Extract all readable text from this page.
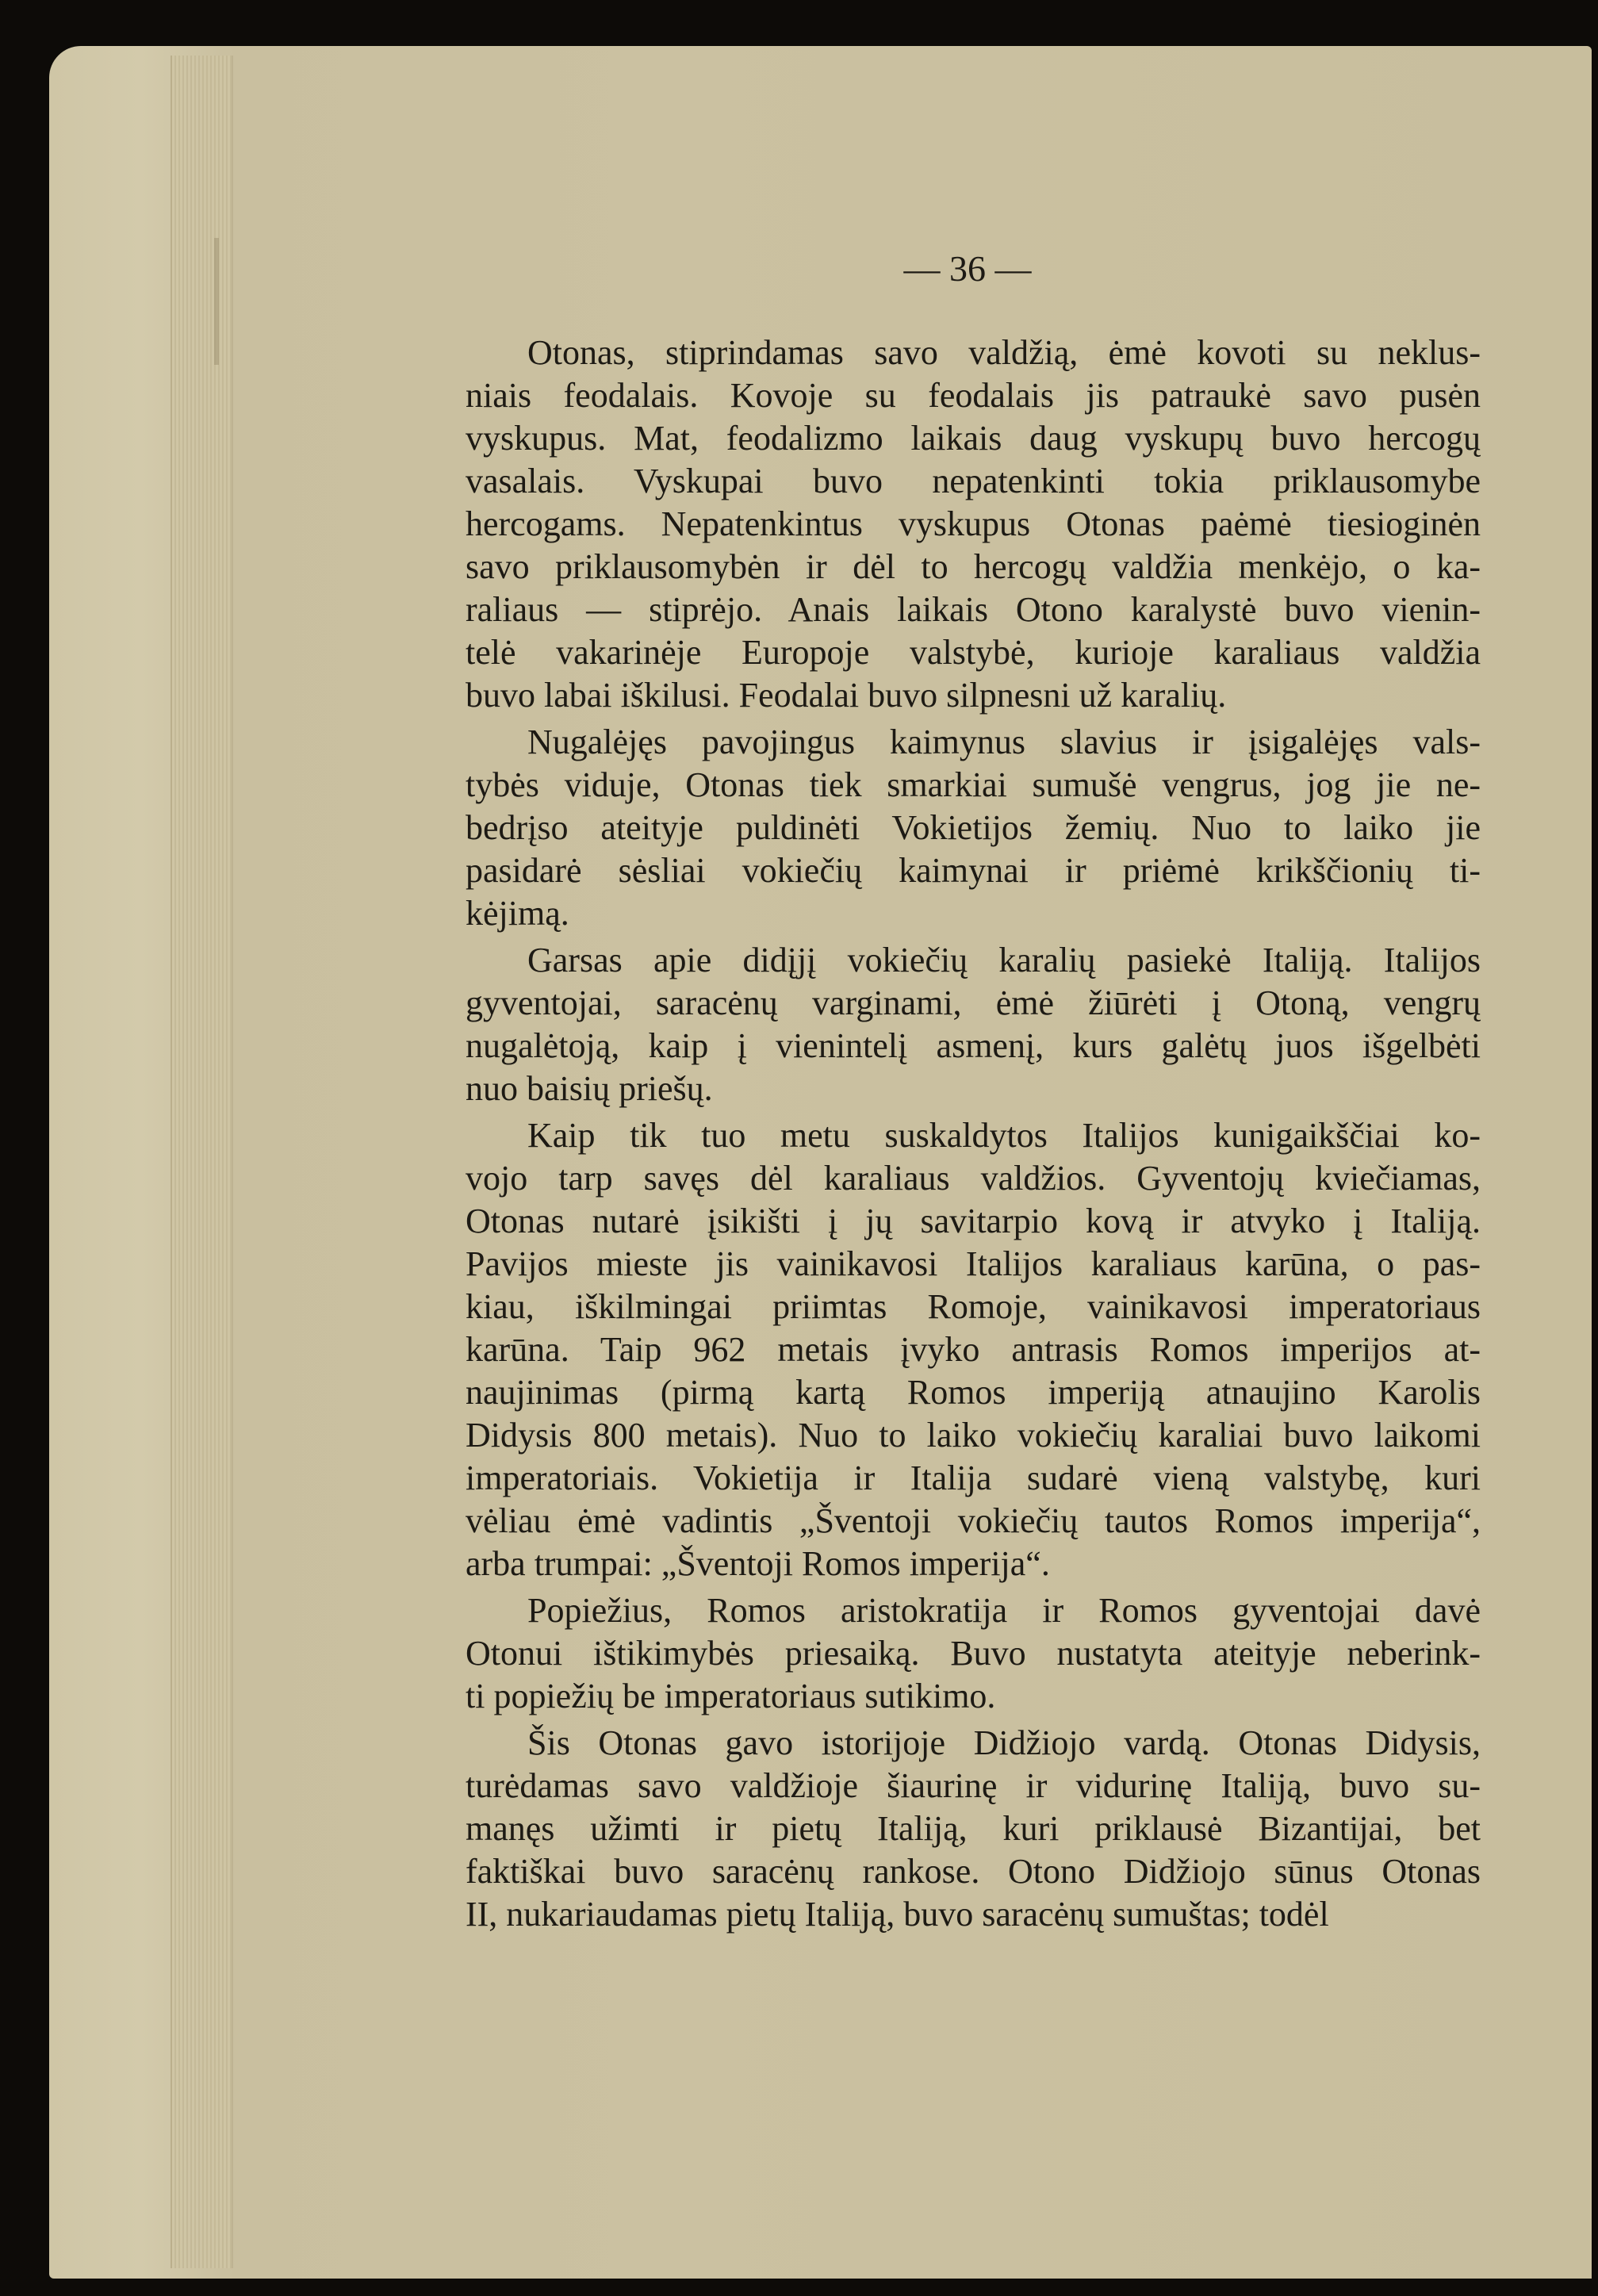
— 36 —
Otonas, stiprindamas savo valdžią, ėmė kovoti su neklus-
niais feodalais. Kovoje su feodalais jis patraukė savo pusėn
vyskupus. Mat, feodalizmo laikais daug vyskupų buvo hercogų
vasalais. Vyskupai buvo nepatenkinti tokia priklausomybe
hercogams. Nepatenkintus vyskupus Otonas paėmė tiesioginėn
savo priklausomybėn ir dėl to hercogų valdžia menkėjo, o ka-
raliaus — stiprėjo. Anais laikais Otono karalystė buvo vienin-
telė vakarinėje Europoje valstybė, kurioje karaliaus valdžia
buvo labai iškilusi. Feodalai buvo silpnesni už karalių.
Nugalėjęs pavojingus kaimynus slavius ir įsigalėjęs vals-
tybės viduje, Otonas tiek smarkiai sumušė vengrus, jog jie ne-
bedrįso ateityje puldinėti Vokietijos žemių. Nuo to laiko jie
pasidarė sėsliai vokiečių kaimynai ir priėmė krikščionių ti-
kėjimą.
Garsas apie didįjį vokiečių karalių pasiekė Italiją. Italijos
gyventojai, saracėnų varginami, ėmė žiūrėti į Otoną, vengrų
nugalėtoją, kaip į vienintelį asmenį, kurs galėtų juos išgelbėti
nuo baisių priešų.
Kaip tik tuo metu suskaldytos Italijos kunigaikščiai ko-
vojo tarp savęs dėl karaliaus valdžios. Gyventojų kviečiamas,
Otonas nutarė įsikišti į jų savitarpio kovą ir atvyko į Italiją.
Pavijos mieste jis vainikavosi Italijos karaliaus karūna, o pas-
kiau, iškilmingai priimtas Romoje, vainikavosi imperatoriaus
karūna. Taip 962 metais įvyko antrasis Romos imperijos at-
naujinimas (pirmą kartą Romos imperiją atnaujino Karolis
Didysis 800 metais). Nuo to laiko vokiečių karaliai buvo laikomi
imperatoriais. Vokietija ir Italija sudarė vieną valstybę, kuri
vėliau ėmė vadintis „Šventoji vokiečių tautos Romos imperija“,
arba trumpai: „Šventoji Romos imperija“.
Popiežius, Romos aristokratija ir Romos gyventojai davė
Otonui ištikimybės priesaiką. Buvo nustatyta ateityje neberink-
ti popiežių be imperatoriaus sutikimo.
Šis Otonas gavo istorijoje Didžiojo vardą. Otonas Didysis,
turėdamas savo valdžioje šiaurinę ir vidurinę Italiją, buvo su-
manęs užimti ir pietų Italiją, kuri priklausė Bizantijai, bet
faktiškai buvo saracėnų rankose. Otono Didžiojo sūnus Otonas
II, nukariaudamas pietų Italiją, buvo saracėnų sumuštas; todėl
